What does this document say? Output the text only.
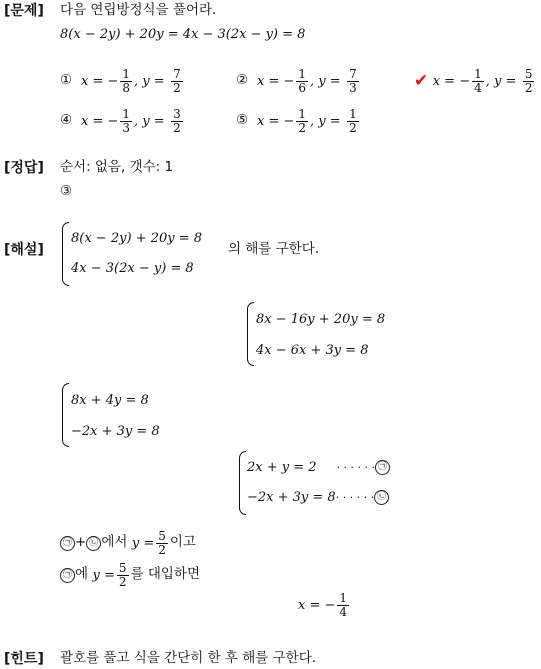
[문제] 다음 연립방정식을 풀어라.
8(x − 2y) + 20y = 4x − 3(2x − y) = 8
①
x = − $\frac{1}{8}$ , y =
$\frac{7}{2}$	②
x = − $\frac{1}{6}$ , y =
$\frac{7}{3}$	✔
x = − $\frac{1}{4}$ , y =
$\frac{5}{2}$
④
x = − $\frac{1}{3}$ , y =
$\frac{3}{2}$	⑤
x = − $\frac{1}{2}$ , y =
$\frac{1}{2}$
[정답] 순서: 없음, 갯수: 1
③
[해설]
8(x − 2y) + 20y = 8
4x − 3(2x − y) = 8
의 해를 구한다.
8x − 16y + 20y = 8
4x − 6x + 3y = 8
8x + 4y = 8
−2x + 3y = 8
2x + y = 2 · · · · · · ㉠
−2x + 3y = 8 · · · · · · ㉡
㉠ + ㉡ 에서
$y = \frac{5}{2}$ 이고
㉠ 에
$y = \frac{5}{2}$ 를 대입하면
x = − $\frac{1}{4}$
[힌트] 괄호를 풀고 식을 간단히 한 후 해를 구한다.
